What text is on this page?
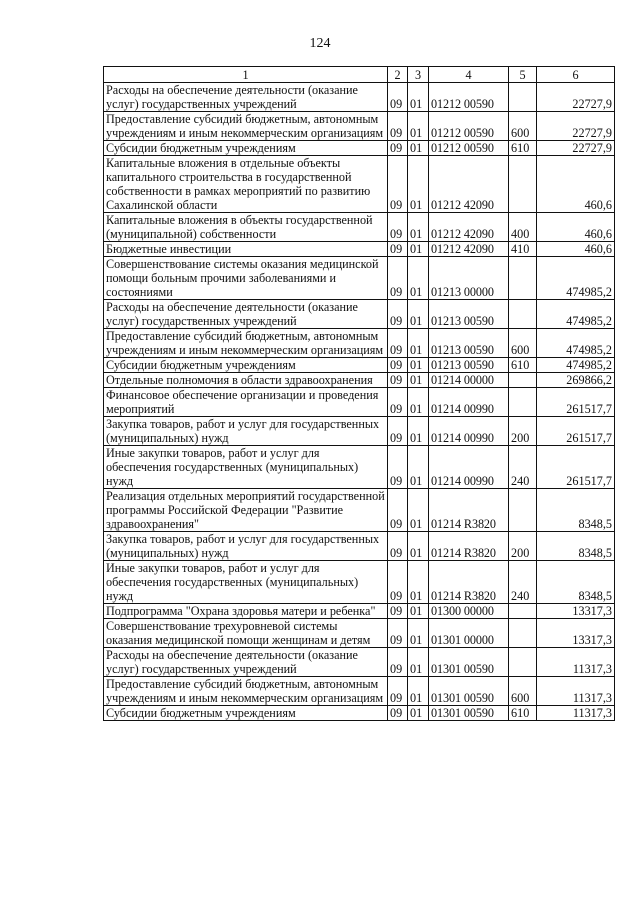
124
1	2	3	4	5	6
Расходы на обеспечение деятельности (оказание услуг) государственных учреждений	09	01	01212 00590		22727,9
Предоставление субсидий бюджетным, автономным учреждениям и иным некоммерческим организациям	09	01	01212 00590	600	22727,9
Субсидии бюджетным учреждениям	09	01	01212 00590	610	22727,9
Капитальные вложения в отдельные объекты капитального строительства в государственной собственности в рамках мероприятий по развитию Сахалинской области	09	01	01212 42090		460,6
Капитальные вложения в объекты государственной (муниципальной) собственности	09	01	01212 42090	400	460,6
Бюджетные инвестиции	09	01	01212 42090	410	460,6
Совершенствование системы оказания медицинской помощи больным прочими заболеваниями и состояниями	09	01	01213 00000		474985,2
Расходы на обеспечение деятельности (оказание услуг) государственных учреждений	09	01	01213 00590		474985,2
Предоставление субсидий бюджетным, автономным учреждениям и иным некоммерческим организациям	09	01	01213 00590	600	474985,2
Субсидии бюджетным учреждениям	09	01	01213 00590	610	474985,2
Отдельные полномочия в области здравоохранения	09	01	01214 00000		269866,2
Финансовое обеспечение организации и проведения мероприятий	09	01	01214 00990		261517,7
Закупка товаров, работ и услуг для государственных (муниципальных) нужд	09	01	01214 00990	200	261517,7
Иные закупки товаров, работ и услуг для обеспечения государственных (муниципальных) нужд	09	01	01214 00990	240	261517,7
Реализация отдельных мероприятий государственной программы Российской Федерации "Развитие здравоохранения"	09	01	01214 R3820		8348,5
Закупка товаров, работ и услуг для государственных (муниципальных) нужд	09	01	01214 R3820	200	8348,5
Иные закупки товаров, работ и услуг для обеспечения государственных (муниципальных) нужд	09	01	01214 R3820	240	8348,5
Подпрограмма "Охрана здоровья матери и ребенка"	09	01	01300 00000		13317,3
Совершенствование трехуровневой системы оказания медицинской помощи женщинам и детям	09	01	01301 00000		13317,3
Расходы на обеспечение деятельности (оказание услуг) государственных учреждений	09	01	01301 00590		11317,3
Предоставление субсидий бюджетным, автономным учреждениям и иным некоммерческим организациям	09	01	01301 00590	600	11317,3
Субсидии бюджетным учреждениям	09	01	01301 00590	610	11317,3
